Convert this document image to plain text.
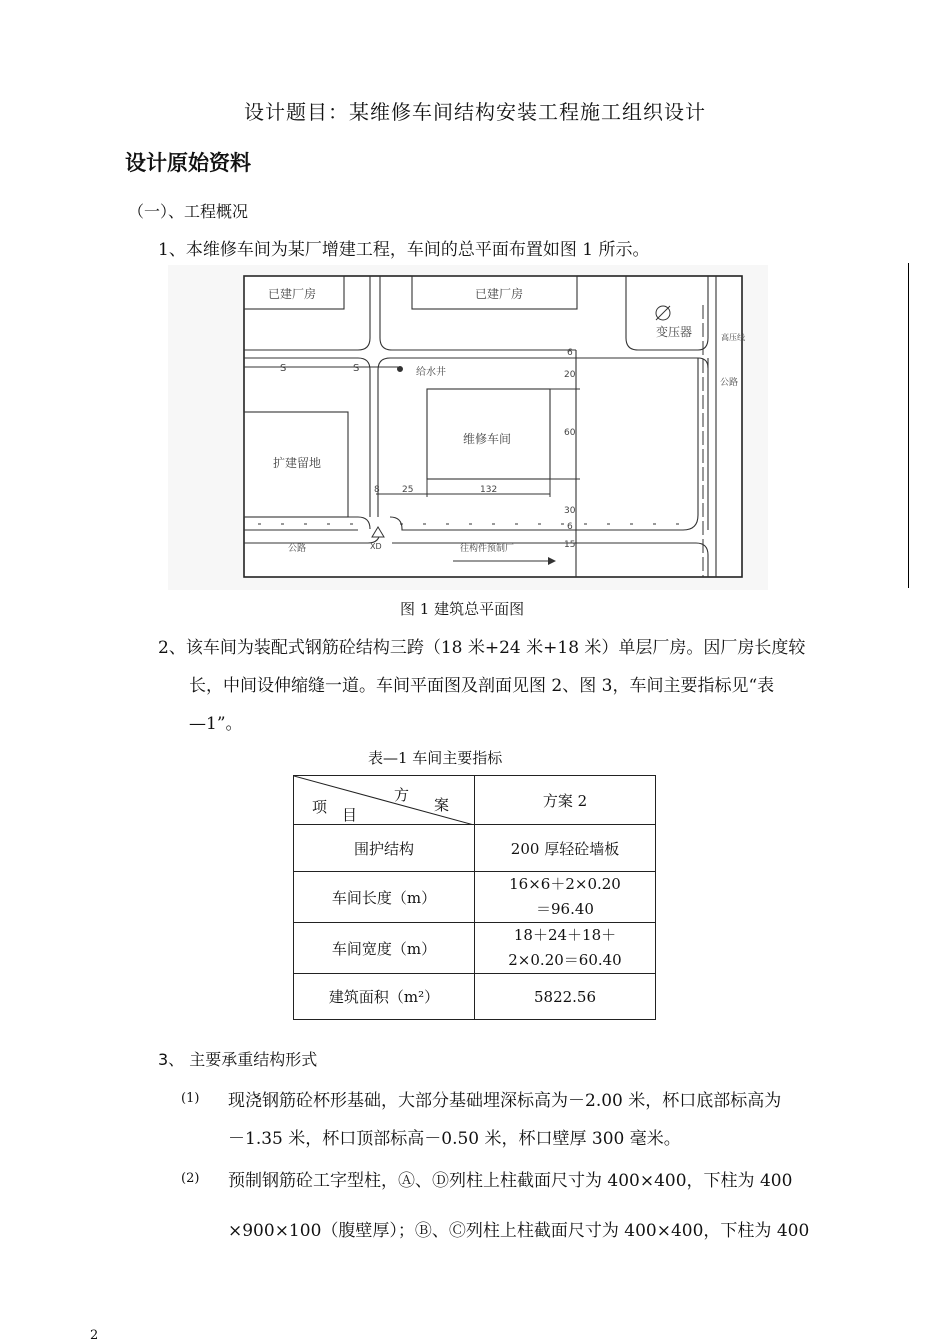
设计题目：某维修车间结构安装工程施工组织设计
设计原始资料
（一）、工程概况
1、本维修车间为某厂增建工程，车间的总平面布置如图 1 所示。
已建厂房	已建厂房
变压器
扩建留地
维修车间
给水井
往构件预制厂
公路
公路
高压线
XD
S	S
8 25	132
20
60
30
6
6
15
图 1 建筑总平面图
2、该车间为装配式钢筋砼结构三跨（18 米+24 米+18 米）单层厂房。因厂房长度较
长，中间设伸缩缝一道。车间平面图及剖面见图 2、图 3，车间主要指标见“表
—1”。
表—1 车间主要指标
方
案
项 目	方案 2
围护结构	200 厚轻砼墙板

车间长度（m）	16×6＋2×0.20
＝96.40

车间宽度（m）	18＋24＋18＋
2×0.20＝60.40

建筑面积（m²）	5822.56
3、 主要承重结构形式
(1) 现浇钢筋砼杯形基础，大部分基础埋深标高为－2.00 米，杯口底部标高为
－1.35 米，杯口顶部标高－0.50 米，杯口壁厚 300 毫米。
(2) 预制钢筋砼工字型柱，Ⓐ、Ⓓ列柱上柱截面尺寸为 400×400，下柱为 400
×900×100（腹壁厚）；Ⓑ、Ⓒ列柱上柱截面尺寸为 400×400，下柱为 400
2
